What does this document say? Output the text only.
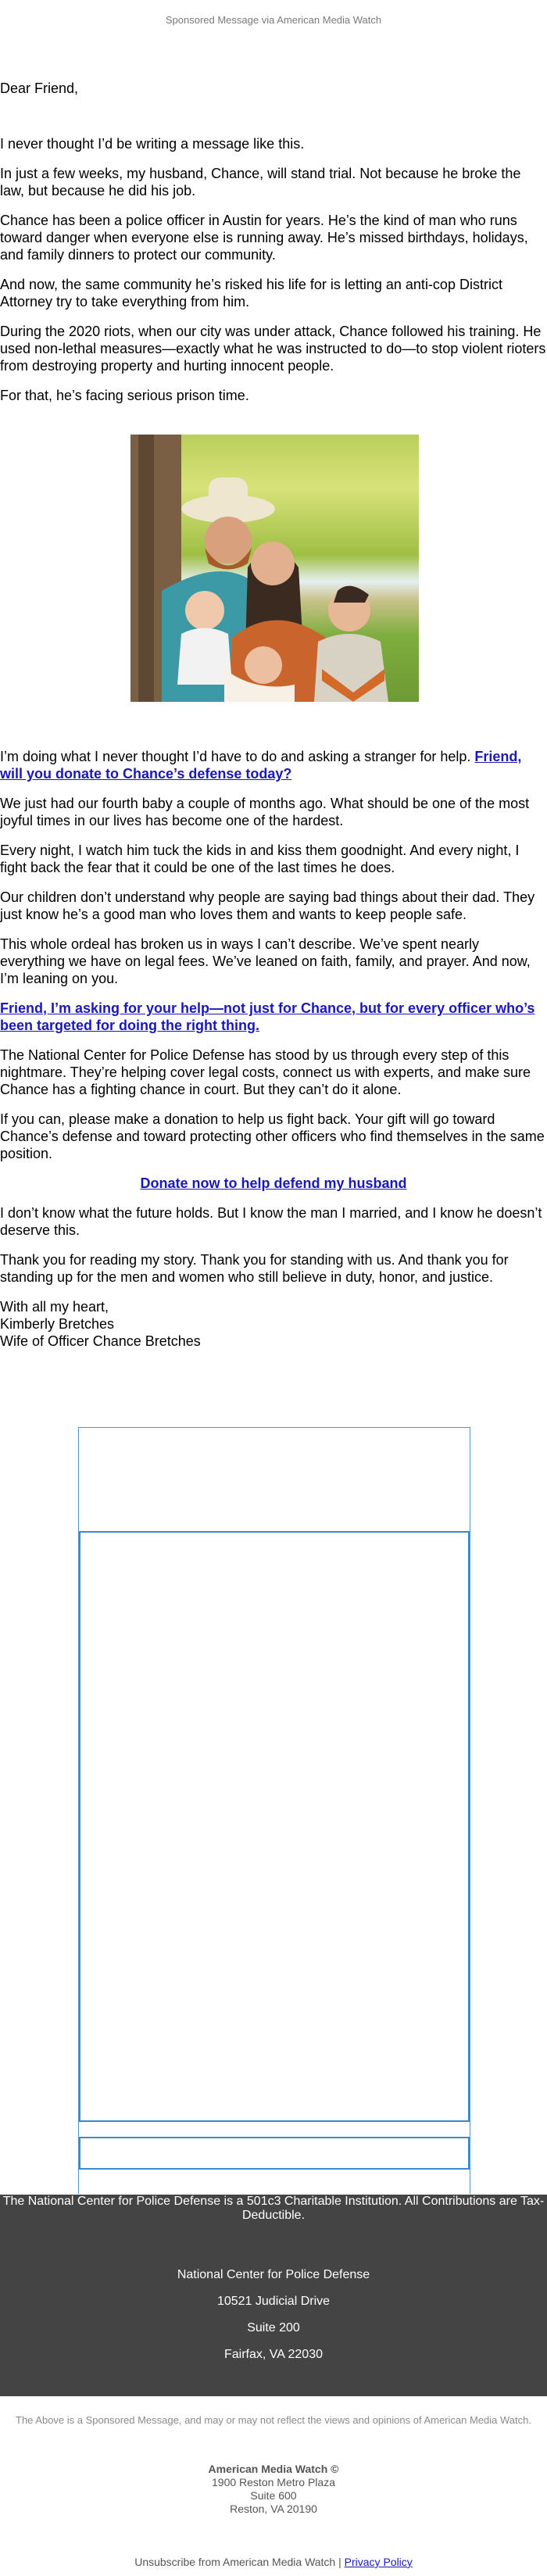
Sponsored Message via American Media Watch
Dear Friend,

I never thought I’d be writing a message like this.

In just a few weeks, my husband, Chance, will stand trial. Not because he broke the law, but because he did his job.

Chance has been a police officer in Austin for years. He’s the kind of man who runs toward danger when everyone else is running away. He’s missed birthdays, holidays, and family dinners to protect our community.

And now, the same community he’s risked his life for is letting an anti-cop District Attorney try to take everything from him.

During the 2020 riots, when our city was under attack, Chance followed his training. He used non-lethal measures—exactly what he was instructed to do—to stop violent rioters from destroying property and hurting innocent people.

For that, he’s facing serious prison time.

I’m doing what I never thought I’d have to do and asking a stranger for help. Friend, will you donate to Chance’s defense today?

We just had our fourth baby a couple of months ago. What should be one of the most joyful times in our lives has become one of the hardest.

Every night, I watch him tuck the kids in and kiss them goodnight. And every night, I fight back the fear that it could be one of the last times he does.

Our children don’t understand why people are saying bad things about their dad. They just know he’s a good man who loves them and wants to keep people safe.

This whole ordeal has broken us in ways I can’t describe. We’ve spent nearly everything we have on legal fees. We’ve leaned on faith, family, and prayer. And now, I’m leaning on you.

Friend, I’m asking for your help—not just for Chance, but for every officer who’s been targeted for doing the right thing.

The National Center for Police Defense has stood by us through every step of this nightmare. They’re helping cover legal costs, connect us with experts, and make sure Chance has a fighting chance in court. But they can’t do it alone.

If you can, please make a donation to help us fight back. Your gift will go toward Chance’s defense and toward protecting other officers who find themselves in the same position.

Donate now to help defend my husband

I don’t know what the future holds. But I know the man I married, and I know he doesn’t deserve this.

Thank you for reading my story. Thank you for standing with us. And thank you for standing up for the men and women who still believe in duty, honor, and justice.

With all my heart,

Kimberly Bretches

Wife of Officer Chance Bretches

The National Center for Police Defense is a 501c3 Charitable Institution. All Contributions are Tax-Deductible.

National Center for Police Defense

10521 Judicial Drive

Suite 200

Fairfax, VA 22030

The Above is a Sponsored Message, and may or may not reflect the views and opinions of American Media Watch.
American Media Watch ©
1900 Reston Metro Plaza
Suite 600
Reston, VA 20190
Unsubscribe from American Media Watch | Privacy Policy
